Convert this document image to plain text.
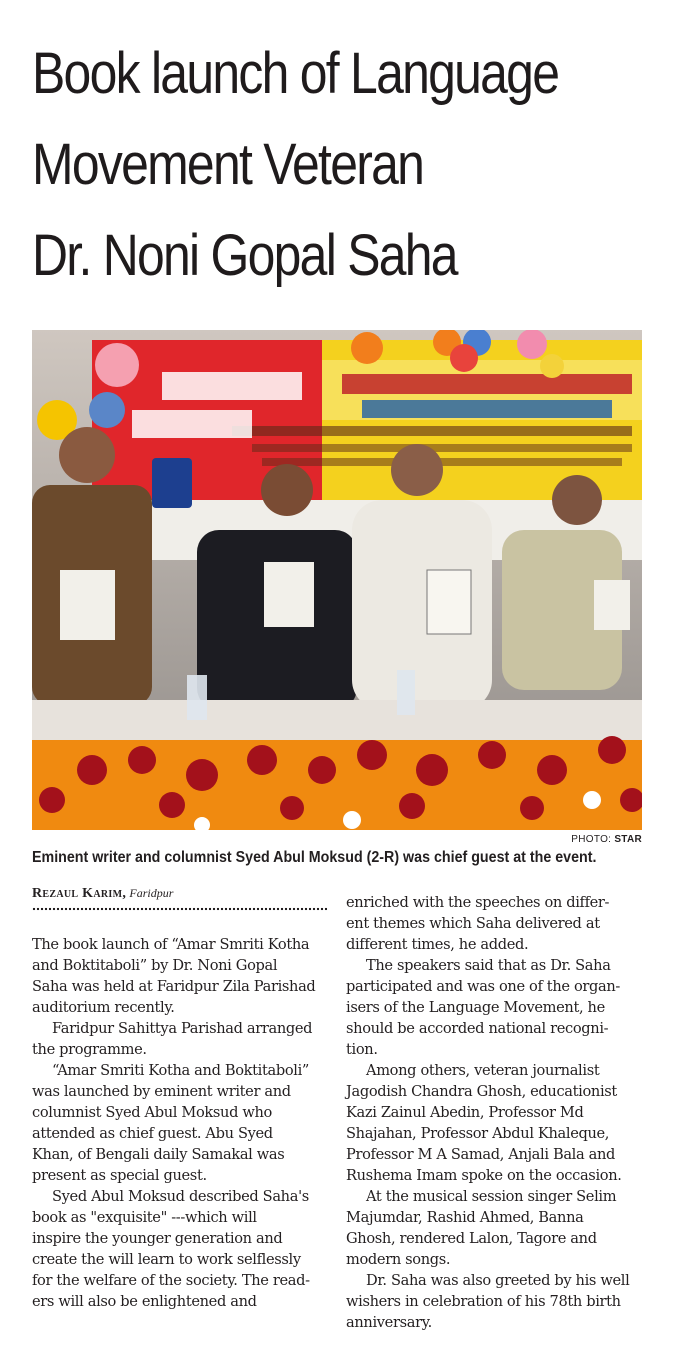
Book launch of Language
Movement Veteran
Dr. Noni Gopal Saha
PHOTO: STAR
Eminent writer and columnist Syed Abul Moksud (2-R) was chief guest at the event.
Rezaul Karim, Faridpur
The book launch of “Amar Smriti Kotha
and Boktitaboli” by Dr. Noni Gopal
Saha was held at Faridpur Zila Parishad
auditorium recently.
Faridpur Sahittya Parishad arranged
the programme.
“Amar Smriti Kotha and Boktitaboli”
was launched by eminent writer and
columnist Syed Abul Moksud who
attended as chief guest. Abu Syed
Khan, of Bengali daily Samakal was
present as special guest.
Syed Abul Moksud described Saha's
book as "exquisite" ---which will
inspire the younger generation and
create the will learn to work selflessly
for the welfare of the society. The read-
ers will also be enlightened and
enriched with the speeches on differ-
ent themes which Saha delivered at
different times, he added.
The speakers said that as Dr. Saha
participated and was one of the organ-
isers of the Language Movement, he
should be accorded national recogni-
tion.
Among others, veteran journalist
Jagodish Chandra Ghosh, educationist
Kazi Zainul Abedin, Professor Md
Shajahan, Professor Abdul Khaleque,
Professor M A Samad, Anjali Bala and
Rushema Imam spoke on the occasion.
At the musical session singer Selim
Majumdar, Rashid Ahmed, Banna
Ghosh, rendered Lalon, Tagore and
modern songs.
Dr. Saha was also greeted by his well
wishers in celebration of his 78th birth
anniversary.
